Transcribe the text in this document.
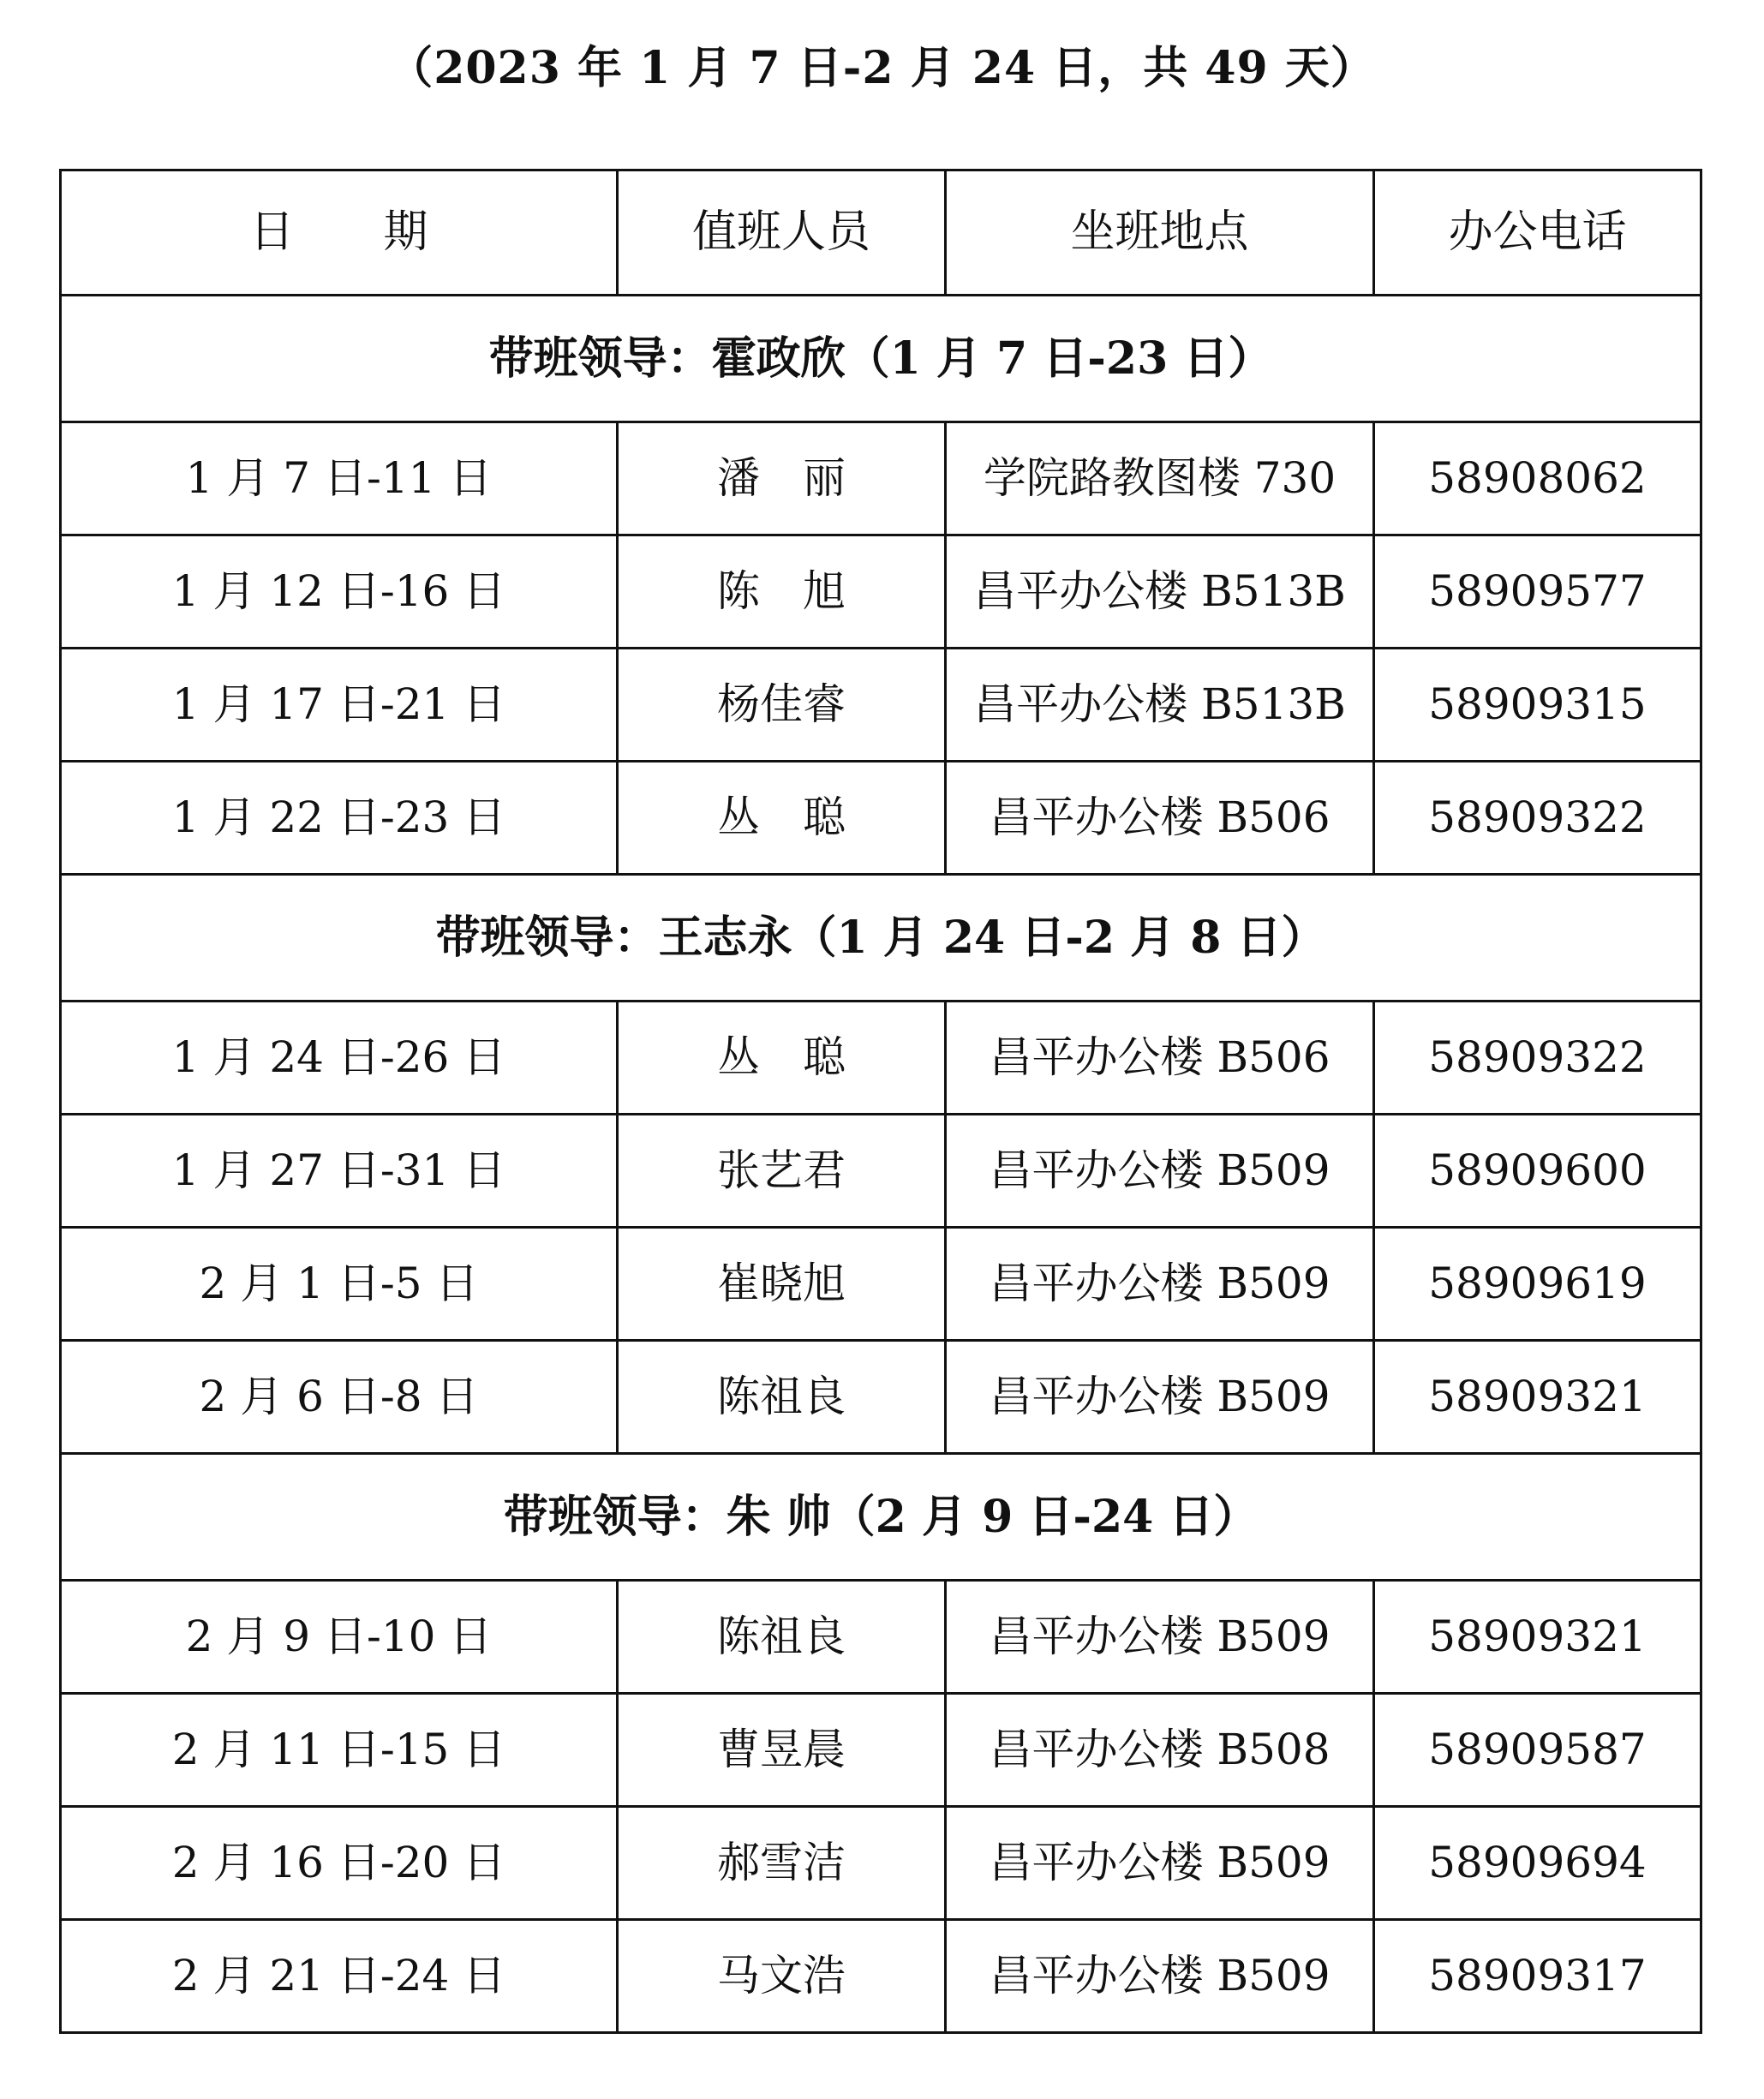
（2023 年 1 月 7 日-2 月 24 日，共 49 天）
日　　期	值班人员	坐班地点	办公电话
带班领导：霍政欣（1 月 7 日-23 日）			
1 月 7 日-11 日	潘　丽	学院路教图楼 730	58908062
1 月 12 日-16 日	陈　旭	昌平办公楼 B513B	58909577
1 月 17 日-21 日	杨佳睿	昌平办公楼 B513B	58909315
1 月 22 日-23 日	丛　聪	昌平办公楼 B506	58909322
带班领导：王志永（1 月 24 日-2 月 8 日）			
1 月 24 日-26 日	丛　聪	昌平办公楼 B506	58909322
1 月 27 日-31 日	张艺君	昌平办公楼 B509	58909600
2 月 1 日-5 日	崔晓旭	昌平办公楼 B509	58909619
2 月 6 日-8 日	陈祖良	昌平办公楼 B509	58909321
带班领导：朱 帅（2 月 9 日-24 日）			
2 月 9 日-10 日	陈祖良	昌平办公楼 B509	58909321
2 月 11 日-15 日	曹昱晨	昌平办公楼 B508	58909587
2 月 16 日-20 日	郝雪洁	昌平办公楼 B509	58909694
2 月 21 日-24 日	马文浩	昌平办公楼 B509	58909317
